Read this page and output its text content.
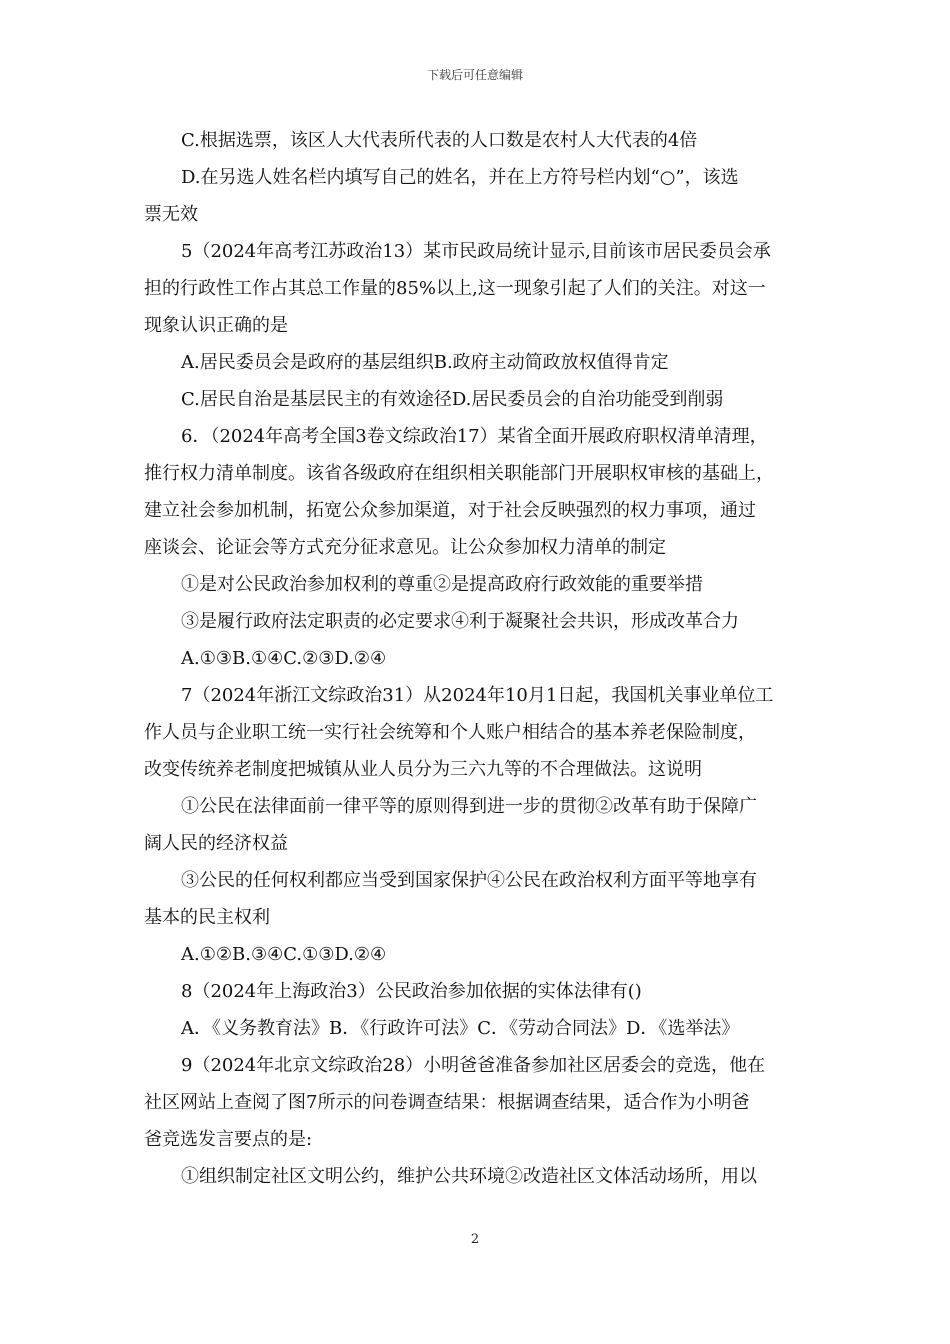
下载后可任意编辑

C.根据选票，该区人大代表所代表的人口数是农村人大代表的4倍

D.在另选人姓名栏内填写自己的姓名，并在上方符号栏内划“○”，该选

票无效

5（2024年高考江苏政治13）某市民政局统计显示,目前该市居民委员会承

担的行政性工作占其总工作量的85%以上,这一现象引起了人们的关注。对这一

现象认识正确的是

A.居民委员会是政府的基层组织B.政府主动简政放权值得肯定

C.居民自治是基层民主的有效途径D.居民委员会的自治功能受到削弱

6．（2024年高考全国3卷文综政治17）某省全面开展政府职权清单清理，

推行权力清单制度。该省各级政府在组织相关职能部门开展职权审核的基础上，

建立社会参加机制，拓宽公众参加渠道，对于社会反映强烈的权力事项，通过

座谈会、论证会等方式充分征求意见。让公众参加权力清单的制定

①是对公民政治参加权利的尊重②是提高政府行政效能的重要举措

③是履行政府法定职责的必定要求④利于凝聚社会共识，形成改革合力

A.①③B.①④C.②③D.②④

7（2024年浙江文综政治31）从2024年10月1日起，我国机关事业单位工

作人员与企业职工统一实行社会统筹和个人账户相结合的基本养老保险制度，

改变传统养老制度把城镇从业人员分为三六九等的不合理做法。这说明

①公民在法律面前一律平等的原则得到进一步的贯彻②改革有助于保障广

阔人民的经济权益

③公民的任何权利都应当受到国家保护④公民在政治权利方面平等地享有

基本的民主权利

A.①②B.③④C.①③D.②④

8（2024年上海政治3）公民政治参加依据的实体法律有()

A．《义务教育法》B．《行政许可法》C．《劳动合同法》D．《选举法》

9（2024年北京文综政治28）小明爸爸准备参加社区居委会的竞选，他在

社区网站上查阅了图7所示的问卷调查结果：根据调查结果，适合作为小明爸

爸竞选发言要点的是:

①组织制定社区文明公约，维护公共环境②改造社区文体活动场所，用以

2
